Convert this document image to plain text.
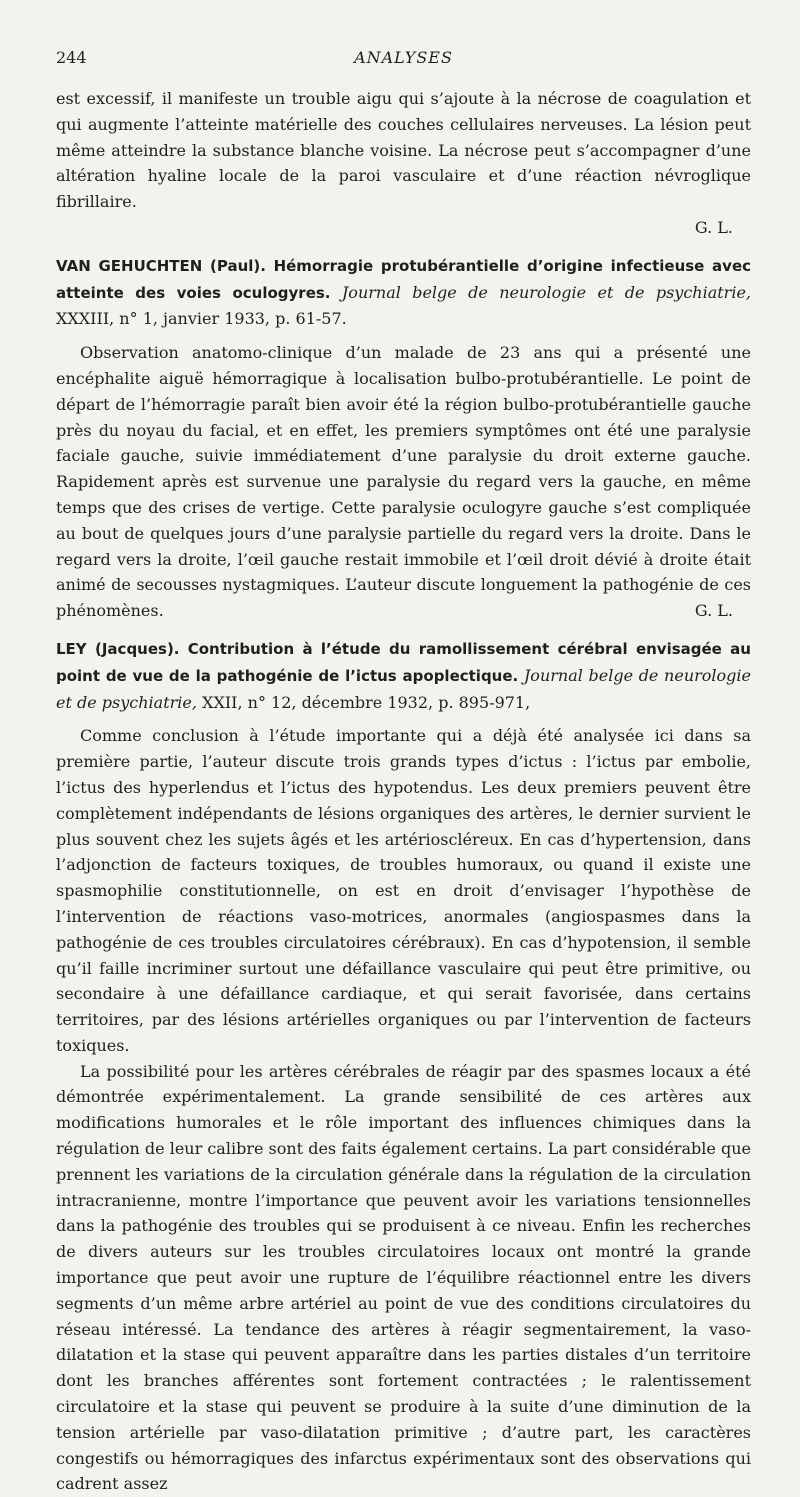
244	ANALYSES

est excessif, il manifeste un trouble aigu qui s’ajoute à la nécrose de coagulation et qui augmente l’atteinte matérielle des couches cellulaires nerveuses. La lésion peut même atteindre la substance blanche voisine. La nécrose peut s’accompagner d’une altération hyaline locale de la paroi vasculaire et d’une réaction névroglique fibrillaire.

G. L.

VAN GEHUCHTEN (Paul). Hémorragie protubérantielle d’origine infectieuse avec atteinte des voies oculogyres. Journal belge de neurologie et de psychiatrie, XXXIII, n° 1, janvier 1933, p. 61-57.

Observation anatomo-clinique d’un malade de 23 ans qui a présenté une encéphalite aiguë hémorragique à localisation bulbo-protubérantielle. Le point de départ de l’hémorragie paraît bien avoir été la région bulbo-protubérantielle gauche près du noyau du facial, et en effet, les premiers symptômes ont été une paralysie faciale gauche, suivie immédiatement d’une paralysie du droit externe gauche. Rapidement après est survenue une paralysie du regard vers la gauche, en même temps que des crises de vertige. Cette paralysie oculogyre gauche s’est compliquée au bout de quelques jours d’une paralysie partielle du regard vers la droite. Dans le regard vers la droite, l’œil gauche restait immobile et l’œil droit dévié à droite était animé de secousses nystagmiques. L’auteur discute longuement la pathogénie de ces phénomènes.	G. L.

LEY (Jacques). Contribution à l’étude du ramollissement cérébral envisagée au point de vue de la pathogénie de l’ictus apoplectique. Journal belge de neurologie et de psychiatrie, XXII, n° 12, décembre 1932, p. 895-971,

Comme conclusion à l’étude importante qui a déjà été analysée ici dans sa première partie, l’auteur discute trois grands types d’ictus : l’ictus par embolie, l’ictus des hyperlendus et l’ictus des hypotendus. Les deux premiers peuvent être complètement indépendants de lésions organiques des artères, le dernier survient le plus souvent chez les sujets âgés et les artérioscléreux. En cas d’hypertension, dans l’adjonction de facteurs toxiques, de troubles humoraux, ou quand il existe une spasmophilie constitutionnelle, on est en droit d’envisager l’hypothèse de l’intervention de réactions vaso-motrices, anormales (angiospasmes dans la pathogénie de ces troubles circulatoires cérébraux). En cas d’hypotension, il semble qu’il faille incriminer surtout une défaillance vasculaire qui peut être primitive, ou secondaire à une défaillance cardiaque, et qui serait favorisée, dans certains territoires, par des lésions artérielles organiques ou par l’intervention de facteurs toxiques.

La possibilité pour les artères cérébrales de réagir par des spasmes locaux a été démontrée expérimentalement. La grande sensibilité de ces artères aux modifications humorales et le rôle important des influences chimiques dans la régulation de leur calibre sont des faits également certains. La part considérable que prennent les variations de la circulation générale dans la régulation de la circulation intracranienne, montre l’importance que peuvent avoir les variations tensionnelles dans la pathogénie des troubles qui se produisent à ce niveau. Enfin les recherches de divers auteurs sur les troubles circulatoires locaux ont montré la grande importance que peut avoir une rupture de l’équilibre réactionnel entre les divers segments d’un même arbre artériel au point de vue des conditions circulatoires du réseau intéressé. La tendance des artères à réagir segmentairement, la vaso-dilatation et la stase qui peuvent apparaître dans les parties distales d’un territoire dont les branches afférentes sont fortement contractées ; le ralentissement circulatoire et la stase qui peuvent se produire à la suite d’une diminution de la tension artérielle par vaso-dilatation primitive ; d’autre part, les caractères congestifs ou hémorragiques des infarctus expérimentaux sont des observations qui cadrent assez
